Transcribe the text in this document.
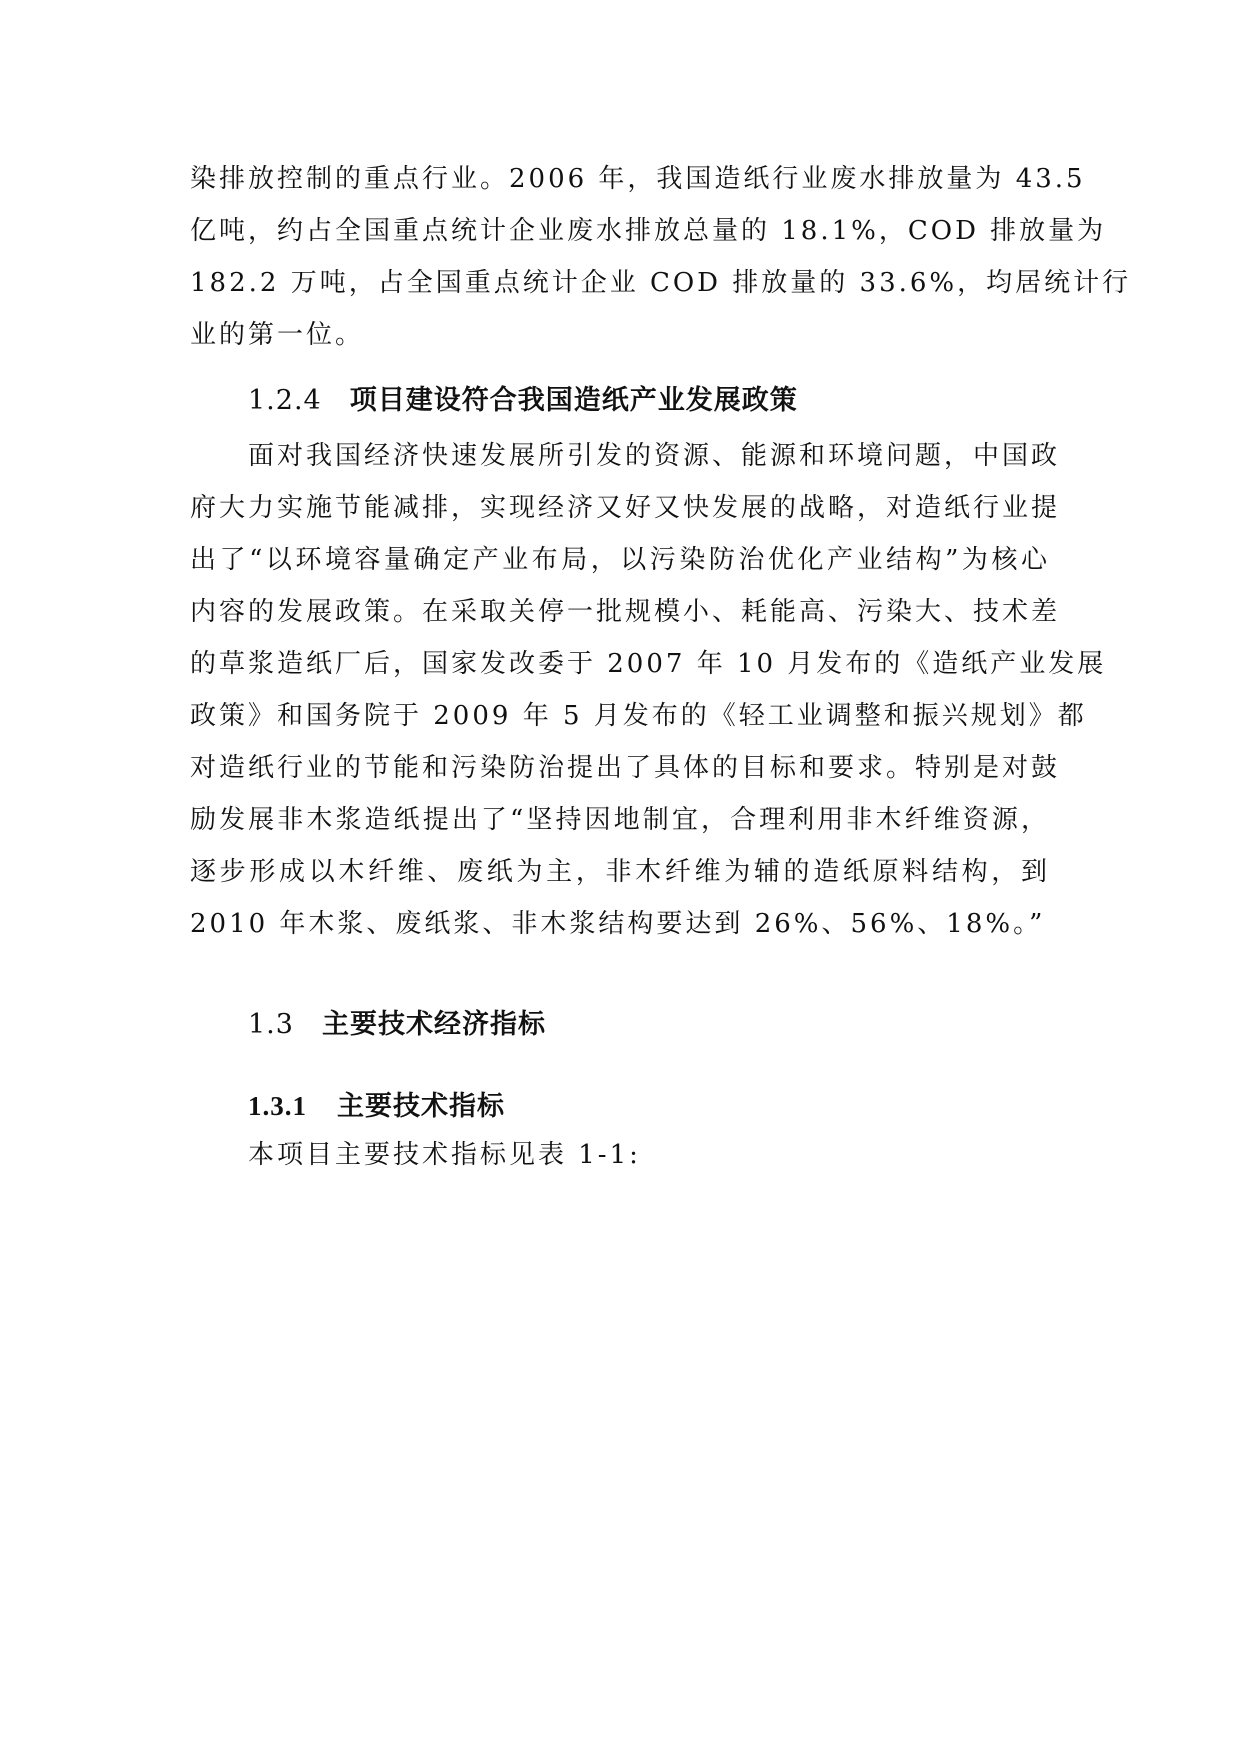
染排放控制的重点行业。2006 年，我国造纸行业废水排放量为 43.5
亿吨，约占全国重点统计企业废水排放总量的 18.1%，COD 排放量为
182.2 万吨，占全国重点统计企业 COD 排放量的 33.6%，均居统计行
业的第一位。
1.2.4 项目建设符合我国造纸产业发展政策
面对我国经济快速发展所引发的资源、能源和环境问题，中国政
府大力实施节能减排，实现经济又好又快发展的战略，对造纸行业提
出了“以环境容量确定产业布局，以污染防治优化产业结构”为核心
内容的发展政策。在采取关停一批规模小、耗能高、污染大、技术差
的草浆造纸厂后，国家发改委于 2007 年 10 月发布的《造纸产业发展
政策》和国务院于 2009 年 5 月发布的《轻工业调整和振兴规划》都
对造纸行业的节能和污染防治提出了具体的目标和要求。特别是对鼓
励发展非木浆造纸提出了“坚持因地制宜，合理利用非木纤维资源，
逐步形成以木纤维、废纸为主，非木纤维为辅的造纸原料结构，到
2010 年木浆、废纸浆、非木浆结构要达到 26%、56%、18%。”
1.3 主要技术经济指标
1.3.1 主要技术指标
本项目主要技术指标见表 1-1:
